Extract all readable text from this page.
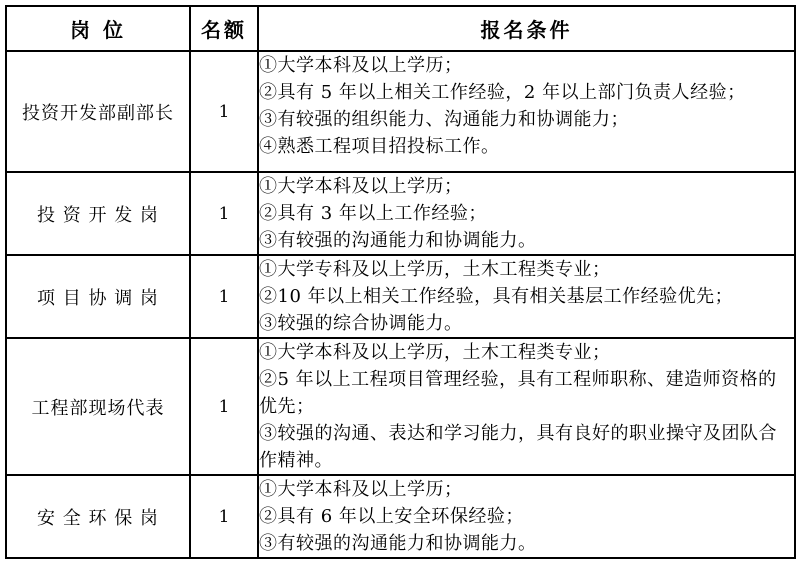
岗 位	名额	报名条件
投资开发部副部长	1	①大学本科及以上学历；
②具有 5 年以上相关工作经验，2 年以上部门负责人经验；
③有较强的组织能力、沟通能力和协调能力；
④熟悉工程项目招投标工作。

投 资 开 发 岗	1	①大学本科及以上学历；
②具有 3 年以上工作经验；
③有较强的沟通能力和协调能力。

项 目 协 调 岗	1	①大学专科及以上学历，土木工程类专业；
②10 年以上相关工作经验，具有相关基层工作经验优先；
③较强的综合协调能力。

工程部现场代表	1	①大学本科及以上学历，土木工程类专业；
②5 年以上工程项目管理经验，具有工程师职称、建造师资格的优先；
③较强的沟通、表达和学习能力，具有良好的职业操守及团队合作精神。

安 全 环 保 岗	1	①大学本科及以上学历；
②具有 6 年以上安全环保经验；
③有较强的沟通能力和协调能力。
